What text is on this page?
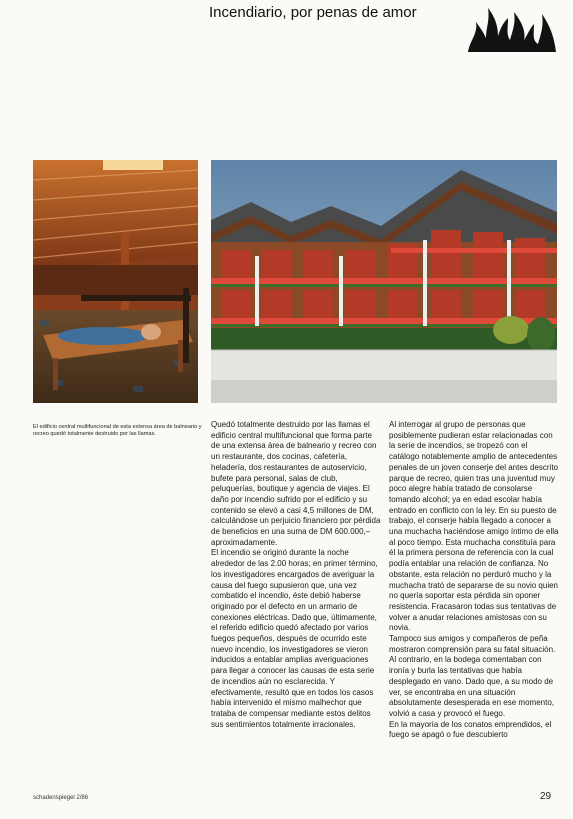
Incendiario, por penas de amor

El edificio central multifuncional de esta extensa área de balneario y recreo quedó totalmente destruido por las llamas.

Quedó totalmente destruido por las llamas el edificio central multifuncional que forma parte de una extensa área de balneario y recreo con un restaurante, dos cocinas, cafetería, heladería, dos restaurantes de autoservicio, bufete para personal, salas de club, peluquerías, boutique y agencia de viajes. El daño por incendio sufrido por el edificio y su contenido se elevó a casi 4,5 millones de DM, calculándose un perjuicio financiero por pérdida de beneficios en una suma de DM 600.000,– aproximadamente.

El incendio se originó durante la noche alrededor de las 2.00 horas; en primer término, los investigadores encargados de averiguar la causa del fuego supusieron que, una vez combatido el incendio, éste debió haberse originado por el defecto en un armario de conexiones eléctricas. Dado que, últimamente, el referido edificio quedó afectado por varios fuegos pequeños, después de ocurrido este nuevo incendio, los investigadores se vieron inducidos a entablar amplias averiguaciones para llegar a conocer las causas de esta serie de incendios aún no esclarecida. Y efectivamente, resultó que en todos los casos había intervenido el mismo malhechor que trataba de compensar mediante estos delitos sus sentimientos totalmente irracionales.

Al interrogar al grupo de personas que posiblemente pudieran estar relacionadas con la serie de incendios, se tropezó con el catálogo notablemente amplio de antecedentes penales de un joven conserje del antes descrito parque de recreo, quien tras una juventud muy poco alegre había tratado de consolarse tomando alcohol; ya en edad escolar había entrado en conflicto con la ley. En su puesto de trabajo, el conserje había llegado a conocer a una muchacha haciéndose amigo íntimo de ella al poco tiempo. Esta muchacha constituía para él la primera persona de referencia con la cual podía entablar una relación de confianza. No obstante, esta relación no perduró mucho y la muchacha trató de separarse de su novio quien no quería soportar esta pérdida sin oponer resistencia. Fracasaron todas sus tentativas de volver a anudar relaciones amistosas con su novia.

Tampoco sus amigos y compañeros de peña mostraron comprensión para su fatal situación. Al contrario, en la bodega comentaban con ironía y burla las tentativas que había desplegado en vano. Dado que, a su modo de ver, se encontraba en una situación absolutamente desesperada en ese momento, volvió a casa y provocó el fuego.

En la mayoría de los conatos emprendidos, el fuego se apagó o fue descubierto

schadenspiegel 2/86	29
